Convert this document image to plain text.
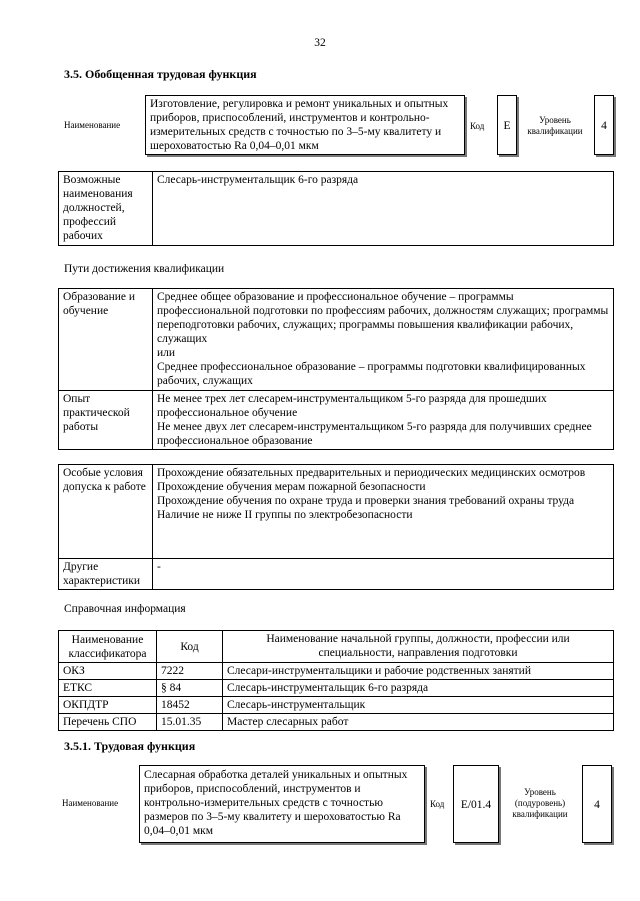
32
3.5. Обобщенная трудовая функция
Наименование
Изготовление, регулировка и ремонт уникальных и опытных приборов, приспособлений, инструментов и контрольно-измерительных средств с точностью по 3–5-му квалитету и шероховатостью Ra 0,04–0,01 мкм
Код	E	Уровень квалификации	4
Возможные наименования должностей, профессий рабочих	Слесарь-инструментальщик 6-го разряда
Пути достижения квалификации
Образование и обучение	Среднее общее образование и профессиональное обучение – программы профессиональной подготовки по профессиям рабочих, должностям служащих; программы переподготовки рабочих, служащих; программы повышения квалификации рабочих, служащих
или
Среднее профессиональное образование – программы подготовки квалифицированных рабочих, служащих

Опыт практической работы	Не менее трех лет слесарем-инструментальщиком 5-го разряда для прошедших профессиональное обучение
Не менее двух лет слесарем-инструментальщиком 5-го разряда для получивших среднее профессиональное образование
Особые условия допуска к работе	Прохождение обязательных предварительных и периодических медицинских осмотров
Прохождение обучения мерам пожарной безопасности
Прохождение обучения по охране труда и проверки знания требований охраны труда
Наличие не ниже II группы по электробезопасности

Другие характеристики	-
Справочная информация
Наименование классификатора	Код	Наименование начальной группы, должности, профессии или специальности, направления подготовки
ОКЗ	7222	Слесари-инструментальщики и рабочие родственных занятий
ЕТКС	§ 84	Слесарь-инструментальщик 6-го разряда
ОКПДТР	18452	Слесарь-инструментальщик
Перечень СПО	15.01.35	Мастер слесарных работ
3.5.1. Трудовая функция
Наименование
Слесарная обработка деталей уникальных и опытных приборов, приспособлений, инструментов и контрольно-измерительных средств с точностью размеров по 3–5-му квалитету и шероховатостью Ra 0,04–0,01 мкм
Код	E/01.4
Уровень (подуровень) квалификации
4
